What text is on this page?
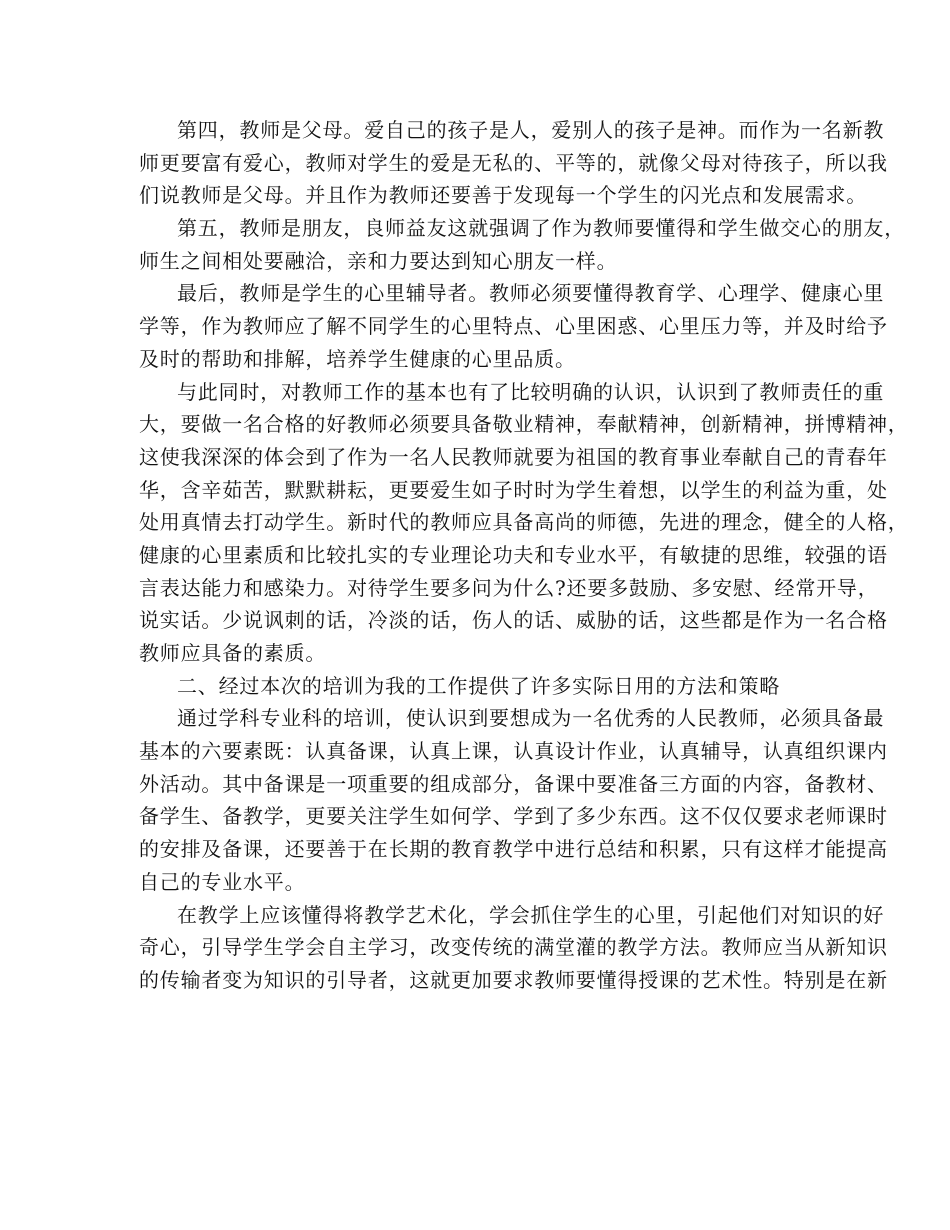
第四，教师是父母。爱自己的孩子是人，爱别人的孩子是神。而作为一名新教
师更要富有爱心，教师对学生的爱是无私的、平等的，就像父母对待孩子，所以我
们说教师是父母。并且作为教师还要善于发现每一个学生的闪光点和发展需求。
第五，教师是朋友，良师益友这就强调了作为教师要懂得和学生做交心的朋友，
师生之间相处要融洽，亲和力要达到知心朋友一样。
最后，教师是学生的心里辅导者。教师必须要懂得教育学、心理学、健康心里
学等，作为教师应了解不同学生的心里特点、心里困惑、心里压力等，并及时给予
及时的帮助和排解，培养学生健康的心里品质。
与此同时，对教师工作的基本也有了比较明确的认识，认识到了教师责任的重
大，要做一名合格的好教师必须要具备敬业精神，奉献精神，创新精神，拼博精神，
这使我深深的体会到了作为一名人民教师就要为祖国的教育事业奉献自己的青春年
华，含辛茹苦，默默耕耘，更要爱生如子时时为学生着想，以学生的利益为重，处
处用真情去打动学生。新时代的教师应具备高尚的师德，先进的理念，健全的人格，
健康的心里素质和比较扎实的专业理论功夫和专业水平，有敏捷的思维，较强的语
言表达能力和感染力。对待学生要多问为什么?还要多鼓励、多安慰、经常开导，
说实话。少说讽刺的话，冷淡的话，伤人的话、威胁的话，这些都是作为一名合格
教师应具备的素质。
二、经过本次的培训为我的工作提供了许多实际日用的方法和策略
通过学科专业科的培训，使认识到要想成为一名优秀的人民教师，必须具备最
基本的六要素既：认真备课，认真上课，认真设计作业，认真辅导，认真组织课内
外活动。其中备课是一项重要的组成部分，备课中要准备三方面的内容，备教材、
备学生、备教学，更要关注学生如何学、学到了多少东西。这不仅仅要求老师课时
的安排及备课，还要善于在长期的教育教学中进行总结和积累，只有这样才能提高
自己的专业水平。
在教学上应该懂得将教学艺术化，学会抓住学生的心里，引起他们对知识的好
奇心，引导学生学会自主学习，改变传统的满堂灌的教学方法。教师应当从新知识
的传输者变为知识的引导者，这就更加要求教师要懂得授课的艺术性。特别是在新
